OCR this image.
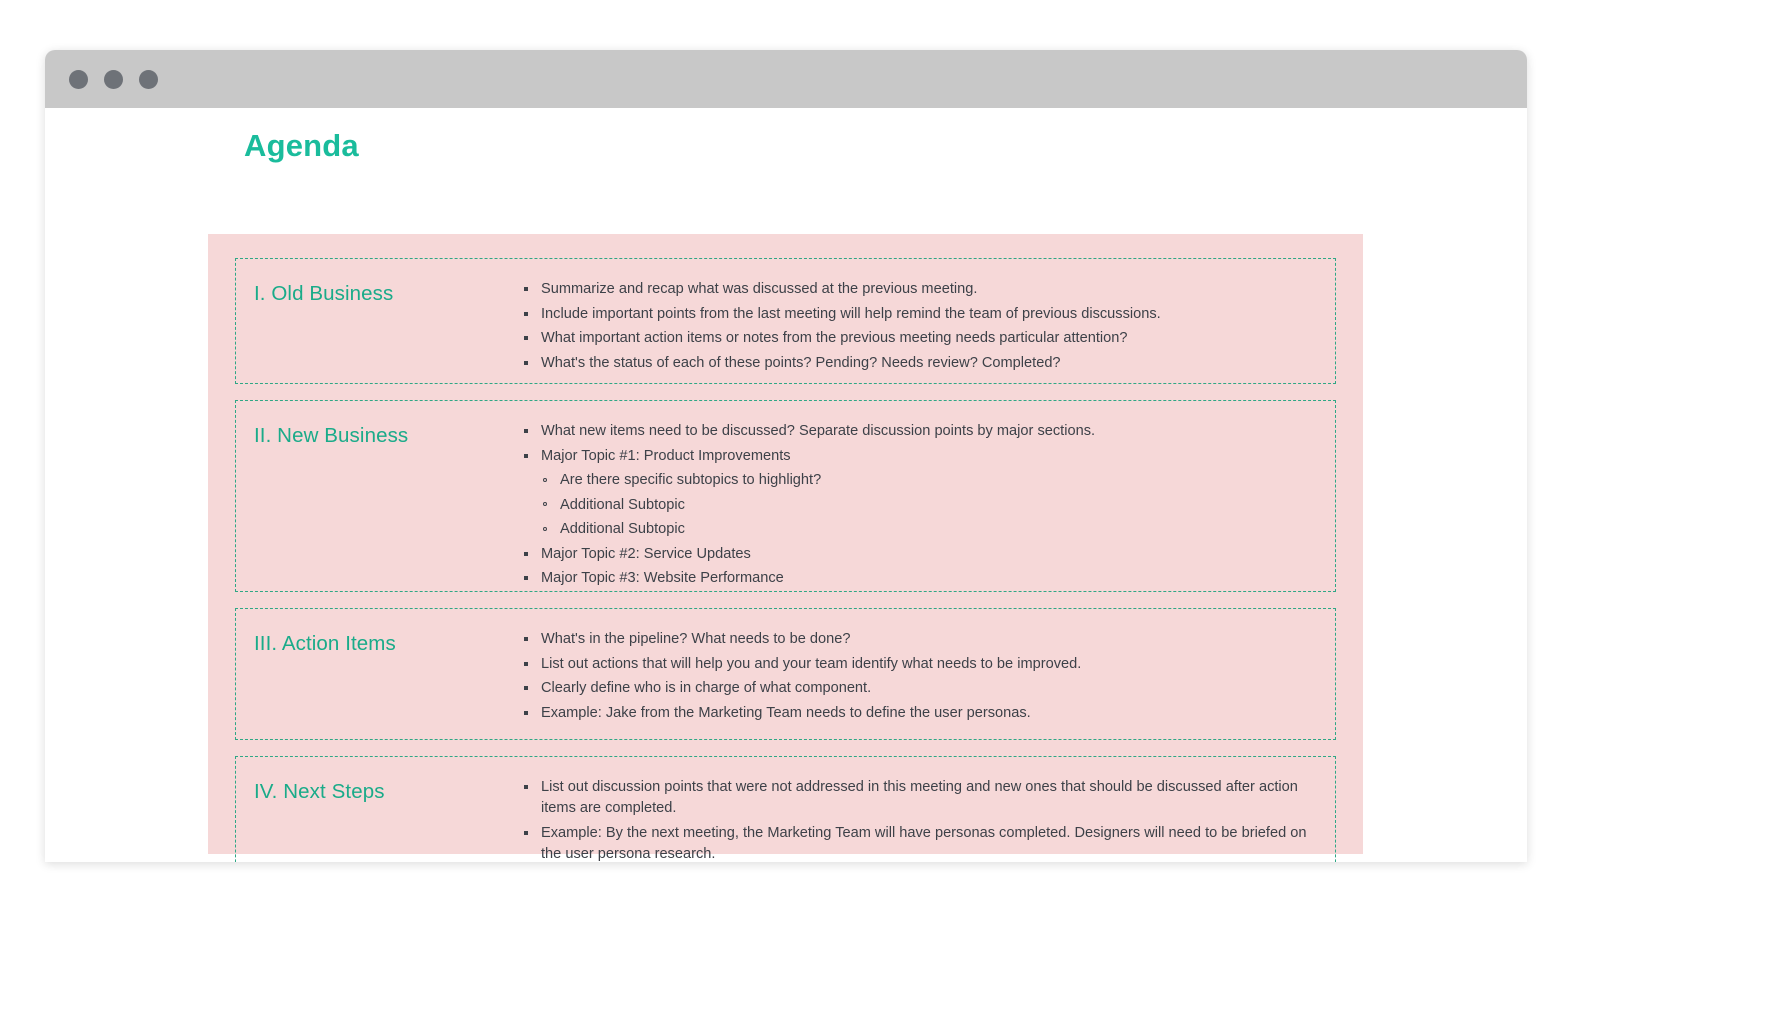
Agenda
I. Old Business	Summarize and recap what was discussed at the previous meeting.
Include important points from the last meeting will help remind the team of previous discussions.
What important action items or notes from the previous meeting needs particular attention?
What's the status of each of these points? Pending? Needs review? Completed?
II. New Business	What new items need to be discussed? Separate discussion points by major sections.
Major Topic #1: Product Improvements
Are there specific subtopics to highlight?
Additional Subtopic
Additional Subtopic
Major Topic #2: Service Updates
Major Topic #3: Website Performance
III. Action Items	What's in the pipeline? What needs to be done?
List out actions that will help you and your team identify what needs to be improved.
Clearly define who is in charge of what component.
Example: Jake from the Marketing Team needs to define the user personas.
IV. Next Steps	List out discussion points that were not addressed in this meeting and new ones that should be discussed after action items are completed.
Example: By the next meeting, the Marketing Team will have personas completed. Designers will need to be briefed on the user persona research.
